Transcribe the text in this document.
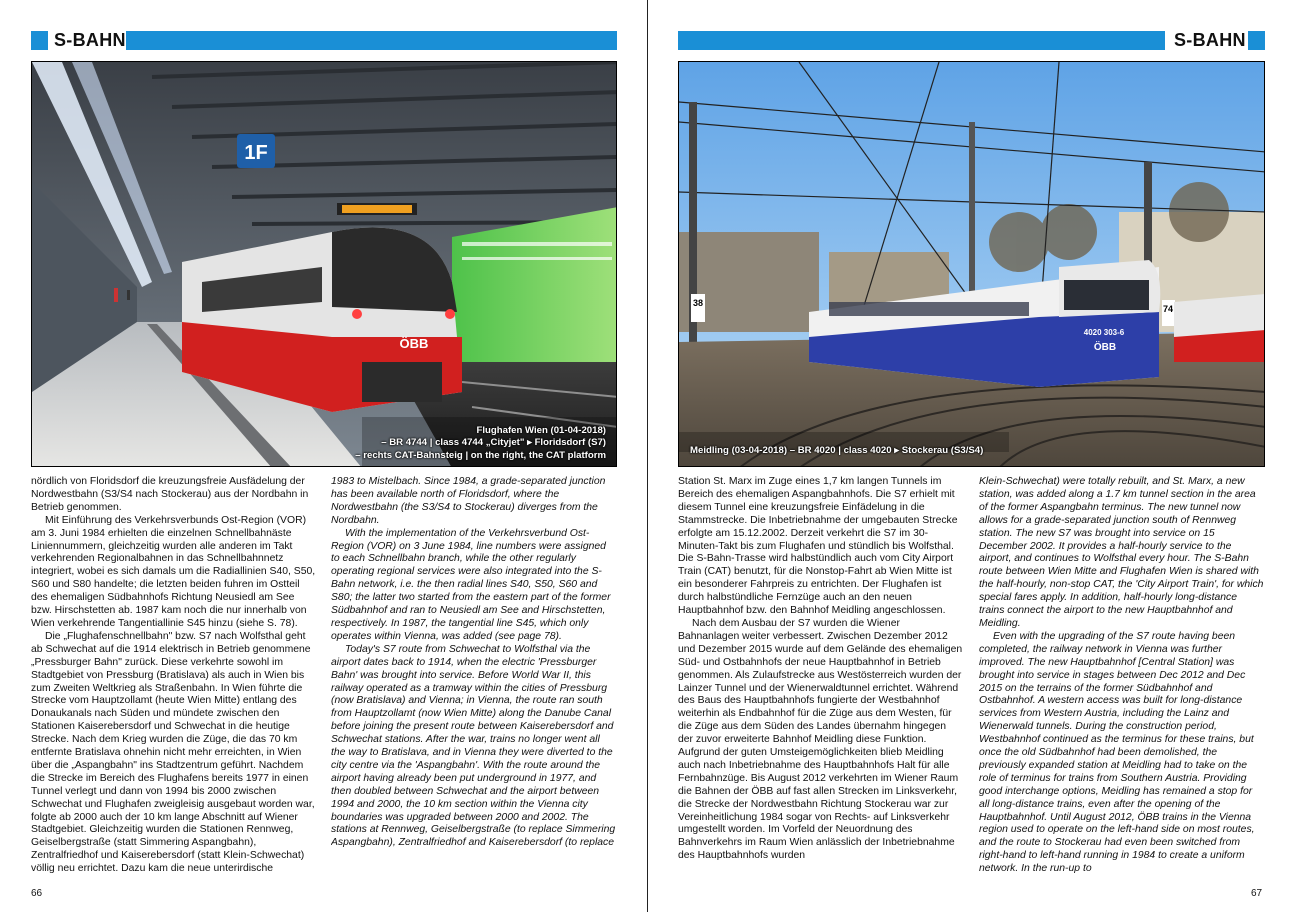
S-BAHN
1F
ÖBB
Flughafen Wien (01-04-2018)
– BR 4744 | class 4744 „Cityjet" ▸ Floridsdorf (S7)
– rechts CAT-Bahnsteig | on the right, the CAT platform

nördlich von Floridsdorf die kreuzungsfreie Ausfädelung der Nordwestbahn (S3/S4 nach Stockerau) aus der Nordbahn in Betrieb genommen.

Mit Einführung des Verkehrsverbunds Ost-Region (VOR) am 3. Juni 1984 erhielten die einzelnen Schnellbahnäste Liniennummern, gleichzeitig wurden alle anderen im Takt verkehrenden Regionalbahnen in das Schnellbahnnetz integriert, wobei es sich damals um die Radiallinien S40, S50, S60 und S80 handelte; die letzten beiden fuhren im Ostteil des ehemaligen Südbahnhofs Richtung Neusiedl am See bzw. Hirschstetten ab. 1987 kam noch die nur innerhalb von Wien verkehrende Tangentiallinie S45 hinzu (siehe S. 78).

Die „Flughafenschnellbahn" bzw. S7 nach Wolfsthal geht ab Schwechat auf die 1914 elektrisch in Betrieb genommene „Pressburger Bahn" zurück. Diese verkehrte sowohl im Stadtgebiet von Pressburg (Bratislava) als auch in Wien bis zum Zweiten Weltkrieg als Straßenbahn. In Wien führte die Strecke vom Hauptzollamt (heute Wien Mitte) entlang des Donaukanals nach Süden und mündete zwischen den Stationen Kaiserebersdorf und Schwechat in die heutige Strecke. Nach dem Krieg wurden die Züge, die das 70 km entfernte Bratislava ohnehin nicht mehr erreichten, in Wien über die „Aspangbahn" ins Stadtzentrum geführt. Nachdem die Strecke im Bereich des Flughafens bereits 1977 in einen Tunnel verlegt und dann von 1994 bis 2000 zwischen Schwechat und Flughafen zweigleisig ausgebaut worden war, folgte ab 2000 auch der 10 km lange Abschnitt auf Wiener Stadtgebiet. Gleichzeitig wurden die Stationen Rennweg, Geiselbergstraße (statt Simmering Aspangbahn), Zentralfriedhof und Kaiserebersdorf (statt Klein-Schwechat) völlig neu errichtet. Dazu kam die neue unterirdische

1983 to Mistelbach. Since 1984, a grade-separated junction has been available north of Floridsdorf, where the Nordwestbahn (the S3/S4 to Stockerau) diverges from the Nordbahn.

With the implementation of the Verkehrsverbund Ost-Region (VOR) on 3 June 1984, line numbers were assigned to each Schnellbahn branch, while the other regularly operating regional services were also integrated into the S-Bahn network, i.e. the then radial lines S40, S50, S60 and S80; the latter two started from the eastern part of the former Südbahnhof and ran to Neusiedl am See and Hirschstetten, respectively. In 1987, the tangential line S45, which only operates within Vienna, was added (see page 78).

Today's S7 route from Schwechat to Wolfsthal via the airport dates back to 1914, when the electric 'Pressburger Bahn' was brought into service. Before World War II, this railway operated as a tramway within the cities of Pressburg (now Bratislava) and Vienna; in Vienna, the route ran south from Hauptzollamt (now Wien Mitte) along the Danube Canal before joining the present route between Kaiserebersdorf and Schwechat stations. After the war, trains no longer went all the way to Bratislava, and in Vienna they were diverted to the city centre via the 'Aspangbahn'. With the route around the airport having already been put underground in 1977, and then doubled between Schwechat and the airport between 1994 and 2000, the 10 km section within the Vienna city boundaries was upgraded between 2000 and 2002. The stations at Rennweg, Geiselbergstraße (to replace Simmering Aspangbahn), Zentralfriedhof and Kaiserebersdorf (to replace

66
S-BAHN
38
74
4020 303-6
ÖBB
Meidling (03-04-2018) – BR 4020 | class 4020 ▸ Stockerau (S3/S4)

Station St. Marx im Zuge eines 1,7 km langen Tunnels im Bereich des ehemaligen Aspangbahnhofs. Die S7 erhielt mit diesem Tunnel eine kreuzungsfreie Einfädelung in die Stammstrecke. Die Inbetriebnahme der umgebauten Strecke erfolgte am 15.12.2002. Derzeit verkehrt die S7 im 30-Minuten-Takt bis zum Flughafen und stündlich bis Wolfsthal. Die S-Bahn-Trasse wird halbstündlich auch vom City Airport Train (CAT) benutzt, für die Nonstop-Fahrt ab Wien Mitte ist ein besonderer Fahrpreis zu entrichten. Der Flughafen ist durch halbstündliche Fernzüge auch an den neuen Hauptbahnhof bzw. den Bahnhof Meidling angeschlossen.

Nach dem Ausbau der S7 wurden die Wiener Bahnanlagen weiter verbessert. Zwischen Dezember 2012 und Dezember 2015 wurde auf dem Gelände des ehemaligen Süd- und Ostbahnhofs der neue Hauptbahnhof in Betrieb genommen. Als Zulaufstrecke aus Westösterreich wurden der Lainzer Tunnel und der Wienerwaldtunnel errichtet. Während des Baus des Hauptbahnhofs fungierte der Westbahnhof weiterhin als Endbahnhof für die Züge aus dem Westen, für die Züge aus dem Süden des Landes übernahm hingegen der zuvor erweiterte Bahnhof Meidling diese Funktion. Aufgrund der guten Umsteigemöglichkeiten blieb Meidling auch nach Inbetriebnahme des Hauptbahnhofs Halt für alle Fernbahnzüge. Bis August 2012 verkehrten im Wiener Raum die Bahnen der ÖBB auf fast allen Strecken im Linksverkehr, die Strecke der Nordwestbahn Richtung Stockerau war zur Vereinheitlichung 1984 sogar von Rechts- auf Linksverkehr umgestellt worden. Im Vorfeld der Neuordnung des Bahnverkehrs im Raum Wien anlässlich der Inbetriebnahme des Hauptbahnhofs wurden

Klein-Schwechat) were totally rebuilt, and St. Marx, a new station, was added along a 1.7 km tunnel section in the area of the former Aspangbahn terminus. The new tunnel now allows for a grade-separated junction south of Rennweg station. The new S7 was brought into service on 15 December 2002. It provides a half-hourly service to the airport, and continues to Wolfsthal every hour. The S-Bahn route between Wien Mitte and Flughafen Wien is shared with the half-hourly, non-stop CAT, the 'City Airport Train', for which special fares apply. In addition, half-hourly long-distance trains connect the airport to the new Hauptbahnhof and Meidling.

Even with the upgrading of the S7 route having been completed, the railway network in Vienna was further improved. The new Hauptbahnhof [Central Station] was brought into service in stages between Dec 2012 and Dec 2015 on the terrains of the former Südbahnhof and Ostbahnhof. A western access was built for long-distance services from Western Austria, including the Lainz and Wienerwald tunnels. During the construction period, Westbahnhof continued as the terminus for these trains, but once the old Südbahnhof had been demolished, the previously expanded station at Meidling had to take on the role of terminus for trains from Southern Austria. Providing good interchange options, Meidling has remained a stop for all long-distance trains, even after the opening of the Hauptbahnhof. Until August 2012, ÖBB trains in the Vienna region used to operate on the left-hand side on most routes, and the route to Stockerau had even been switched from right-hand to left-hand running in 1984 to create a uniform network. In the run-up to

67
